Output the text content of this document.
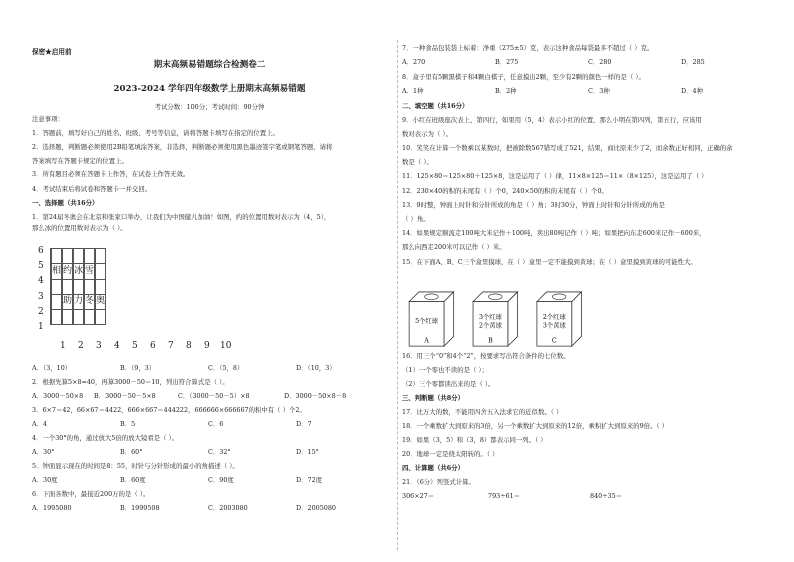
保密★启用前
期末高频易错题综合检测卷二
2023-2024 学年四年级数学上册期末高频易错题
考试分数：100分；考试时间：90分钟
注意事项：
1．答题前，填写好自己的姓名、班级、考号等信息，请将答题卡填写在指定的位置上。
2．选择题，判断题必须使用2B铅笔填涂答案，非选择，判断题必须使用黑色墨迹签字笔或钢笔答题，请将
答案填写在答题卡规定的位置上。
3．所有题目必须在答题卡上作答，在试卷上作答无效。
4．考试结束后将试卷和答题卡一并交回。
一、选择题（共16分）
1．第24届冬奥会在北京和张家口举办，让我们为中国健儿加油！如图，约的位置用数对表示为（4，5），
那么冰的位置用数对表示为（ ）。
6
5
4
3
2
1

	相		约		冰		雪		

			助		力		冬		奥

1 2 3 4 5 6 7 8 9 10
A．（3，10）	B．（9，3）	C．（5，8）	D．（10，3）
2．根据先算5×8=40，再算3000－50＝10，列出符合算式是（ ）。
A．3000－50×8	B．3000－50－5×8	C．（3000－50－5）×8	D．3000－50×8－8
3．6×7＝42，66×67＝4422，666×667＝444222，666666×666667的积中有（ ）个2。
A．4	B．5	C．6	D．7
4．一个30°的角，通过放大5倍的放大镜看是（ ）。
A．30°	B．60°	C．32°	D．15°
5．钟面显示现在的时间是8：55，时针与分针形成的最小的角描述（ ）。
A．30度	B．60度	C．90度	D．72度
6．下面各数中，最接近200万的是（ ）。
A．1995080	B．1999508	C．2003080	D．2005080
7．一种食品包装袋上标着：净重（275±5）克，表示这种食品每袋最多不超过（ ）克。
A．270	B．275	C．280	D．285
8．盒子里有5颗黑棋子和4颗白棋子，任意摸出2颗，至少有2颗的颜色一样的是（ ）。
A．1种	B．2种	C．3种	D．4种
二、填空题（共16分）
9．小红在班级座次表上，第四行，如果用（5，4）表示小红的位置，那么小明在第四列，第五行，应该用
数对表示为（ ）。
10．笑笑在计算一个数乘以某数时，把被除数567错写成了521，结果，商比原来少了2，而余数正好相同，正确的余
数是（ ）。
11．125×80＝125×80＋125×8，这是运用了（ ）律，11×8×125＝11×（8×125），这是运用了（ ）
12．230×40的积的末尾有（ ）个0，240×50的积的末尾有（ ）个0。
13．9时整，钟面上时针和分针所成的角是（ ）角；3时30分，钟面上时针和分针所成的角是
（ ）角。
14．如果规定顺流走100吨大米记作＋100吨，卖出80吨记作（ ）吨；如果把向东走600米记作－600米，
那么向西走200米可以记作（ ）米。
15．在下面A、B、C三个盒里摸球，在（ ）盒里一定不能摸到黄球；在（ ）盒里摸到黄球的可能性大。
5个红球
A
3个红球
2个黄球
B
2个红球
3个黄球
C
16．用三个“0”和4个“2”，按要求写出符合条件的七位数。
（1）一个零也不读的是（ ）；
（2）三个零都读出来的是（ ）。
三、判断题（共8分）
17．比万大的数，不能用四舍五入法求它的近似数。（ ）
18．一个乘数扩大到原来的3倍，另一个乘数扩大到原来的12倍，乘积扩大到原来的9倍。（ ）
19．如果（3，5）和（3，8）都表示同一列。（ ）
20．地球一定是绕太阳转的。（ ）
四、计算题（共6分）
21．（6分）列竖式计算。
306×27＝	793÷61＝	840÷35＝
